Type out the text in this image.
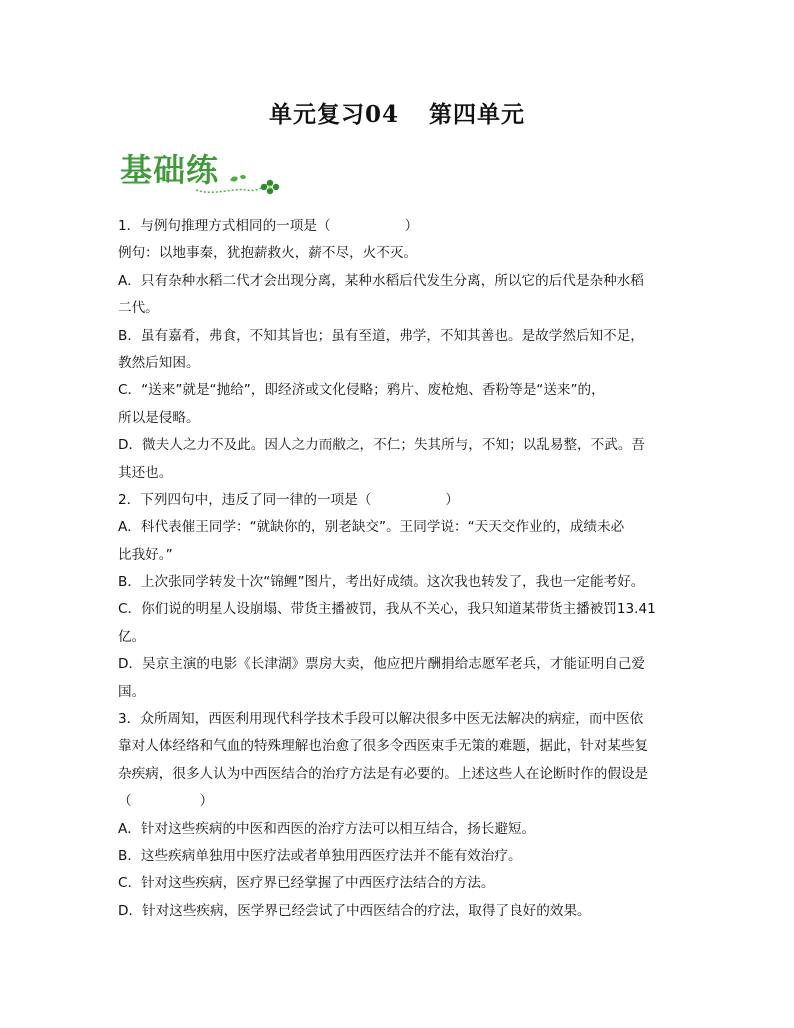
单元复习04 第四单元
基础练
1．与例句推理方式相同的一项是（	）
例句：以地事秦，犹抱薪救火，薪不尽，火不灭。
A．只有杂种水稻二代才会出现分离，某种水稻后代发生分离，所以它的后代是杂种水稻
二代。
B．虽有嘉肴，弗食，不知其旨也；虽有至道，弗学，不知其善也。是故学然后知不足，
教然后知困。
C．“送来”就是“抛给”，即经济或文化侵略；鸦片、废枪炮、香粉等是“送来”的，
所以是侵略。
D．微夫人之力不及此。因人之力而敝之，不仁；失其所与，不知；以乱易整，不武。吾
其还也。
2．下列四句中，违反了同一律的一项是（	）
A．科代表催王同学：“就缺你的，别老缺交”。王同学说：“天天交作业的，成绩未必
比我好。”
B．上次张同学转发十次“锦鲤”图片，考出好成绩。这次我也转发了，我也一定能考好。
C．你们说的明星人设崩塌、带货主播被罚，我从不关心，我只知道某带货主播被罚13.41
亿。
D．吴京主演的电影《长津湖》票房大卖，他应把片酬捐给志愿军老兵，才能证明自己爱
国。
3．众所周知，西医利用现代科学技术手段可以解决很多中医无法解决的病症，而中医依
靠对人体经络和气血的特殊理解也治愈了很多令西医束手无策的难题，据此，针对某些复
杂疾病，很多人认为中西医结合的治疗方法是有必要的。上述这些人在论断时作的假设是
（	）
A．针对这些疾病的中医和西医的治疗方法可以相互结合，扬长避短。
B．这些疾病单独用中医疗法或者单独用西医疗法并不能有效治疗。
C．针对这些疾病，医疗界已经掌握了中西医疗法结合的方法。
D．针对这些疾病，医学界已经尝试了中西医结合的疗法，取得了良好的效果。
